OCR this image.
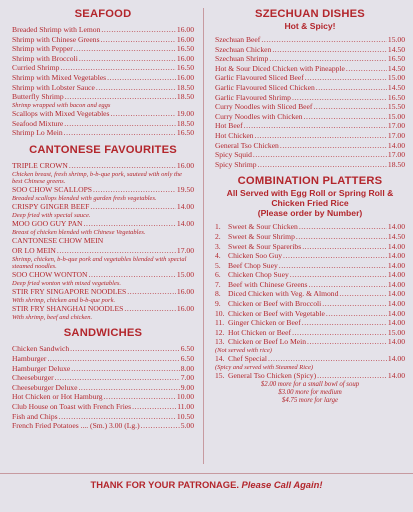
SEAFOOD
Breaded Shrimp with Lemon .....	16.00
Shrimp with Chinese Greens .....	16.00
Shrimp with Pepper .....	16.50
Shrimp with Broccoli .....	16.00
Curried Shrimp .....	16.50
Shrimp with Mixed Vegetables .....	16.00
Shrimp with Lobster Sauce .....	18.50
Butterfly Shrimp .....	18.50
Shrimp wrapped with bacon and eggs
Scallops with Mixed Vegetables .....	19.00
Seafood Mixture .....	18.50
Shrimp Lo Mein .....	16.50
CANTONESE FAVOURITES
TRIPLE CROWN .....	16.00
Chicken breast, fresh shrimp, b-b-que pork, sauteed with only the best Chinese greens.
SOO CHOW SCALLOPS .....	19.50
Breaded scallops blended with garden fresh vegetables.
CRISPY GINGER BEEF .....	14.00
Deep fried with special sauce.
MOO GOO GUY PAN .....	14.00
Breast of chicken blended with Chinese Vegetables.
CANTONESE CHOW MEIN
OR LO MEIN .....	17.00
Shrimp, chicken, b-b-que pork and vegetables blended with special steamed noodles.
SOO CHOW WONTON .....	15.00
Deep fried wonton with mixed vegetables.
STIR FRY SINGAPORE NOODLES .....	16.00
With shrimp, chicken and b-b-que pork.
STIR FRY SHANGHAI NOODLES .....	16.00
With shrimp, beef and chicken.
SANDWICHES
Chicken Sandwich .....	6.50
Hamburger .....	6.50
Hamburger Deluxe .....	8.00
Cheeseburger .....	7.00
Cheeseburger Deluxe .....	9.00
Hot Chicken or Hot Hamburg .....	10.00
Club House on Toast with French Fries .....	11.00
Fish and Chips .....	10.50
French Fried Potatoes .... (Sm.) 3.00 (Lg.) .....	5.00
SZECHUAN DISHES
Hot & Spicy!
Szechuan Beef .....	15.00
Szechuan Chicken .....	14.50
Szechuan Shrimp .....	16.50
Hot & Sour Diced Chicken with Pineapple .....	14.50
Garlic Flavoured Sliced Beef .....	15.00
Garlic Flavoured Sliced Chicken .....	14.50
Garlic Flavoured Shrimp .....	16.50
Curry Noodles with Sliced Beef .....	15.50
Curry Noodles with Chicken .....	15.00
Hot Beef .....	17.00
Hot Chicken .....	17.00
General Tso Chicken .....	14.00
Spicy Squid .....	17.00
Spicy Shrimp .....	18.50
COMBINATION PLATTERS
All Served with Egg Roll or Spring Roll &
Chicken Fried Rice
(Please order by Number)
1. Sweet & Sour Chicken .....	14.00
2. Sweet & Sour Shrimp .....	14.50
3. Sweet & Sour Spareribs .....	14.00
4. Chicken Soo Guy .....	14.00
5. Beef Chop Suey .....	14.00
6. Chicken Chop Suey .....	14.00
7. Beef with Chinese Greens .....	14.00
8. Diced Chicken with Veg. & Almond .....	14.00
9. Chicken or Beef with Broccoli .....	14.00
10. Chicken or Beef with Vegetable .....	14.00
11. Ginger Chicken or Beef .....	14.00
12. Hot Chicken or Beef .....	15.00
13. Chicken or Beef Lo Mein .....	14.00
(Not served with rice)
14. Chef Special .....	14.00
(Spicy and served with Steamed Rice)
15. General Tso Chicken (Spicy) .....	14.00
$2.00 more for a small bowl of soup
$3.00 more for medium
$4.75 more for large
THANK FOR YOUR PATRONAGE. Please Call Again!
